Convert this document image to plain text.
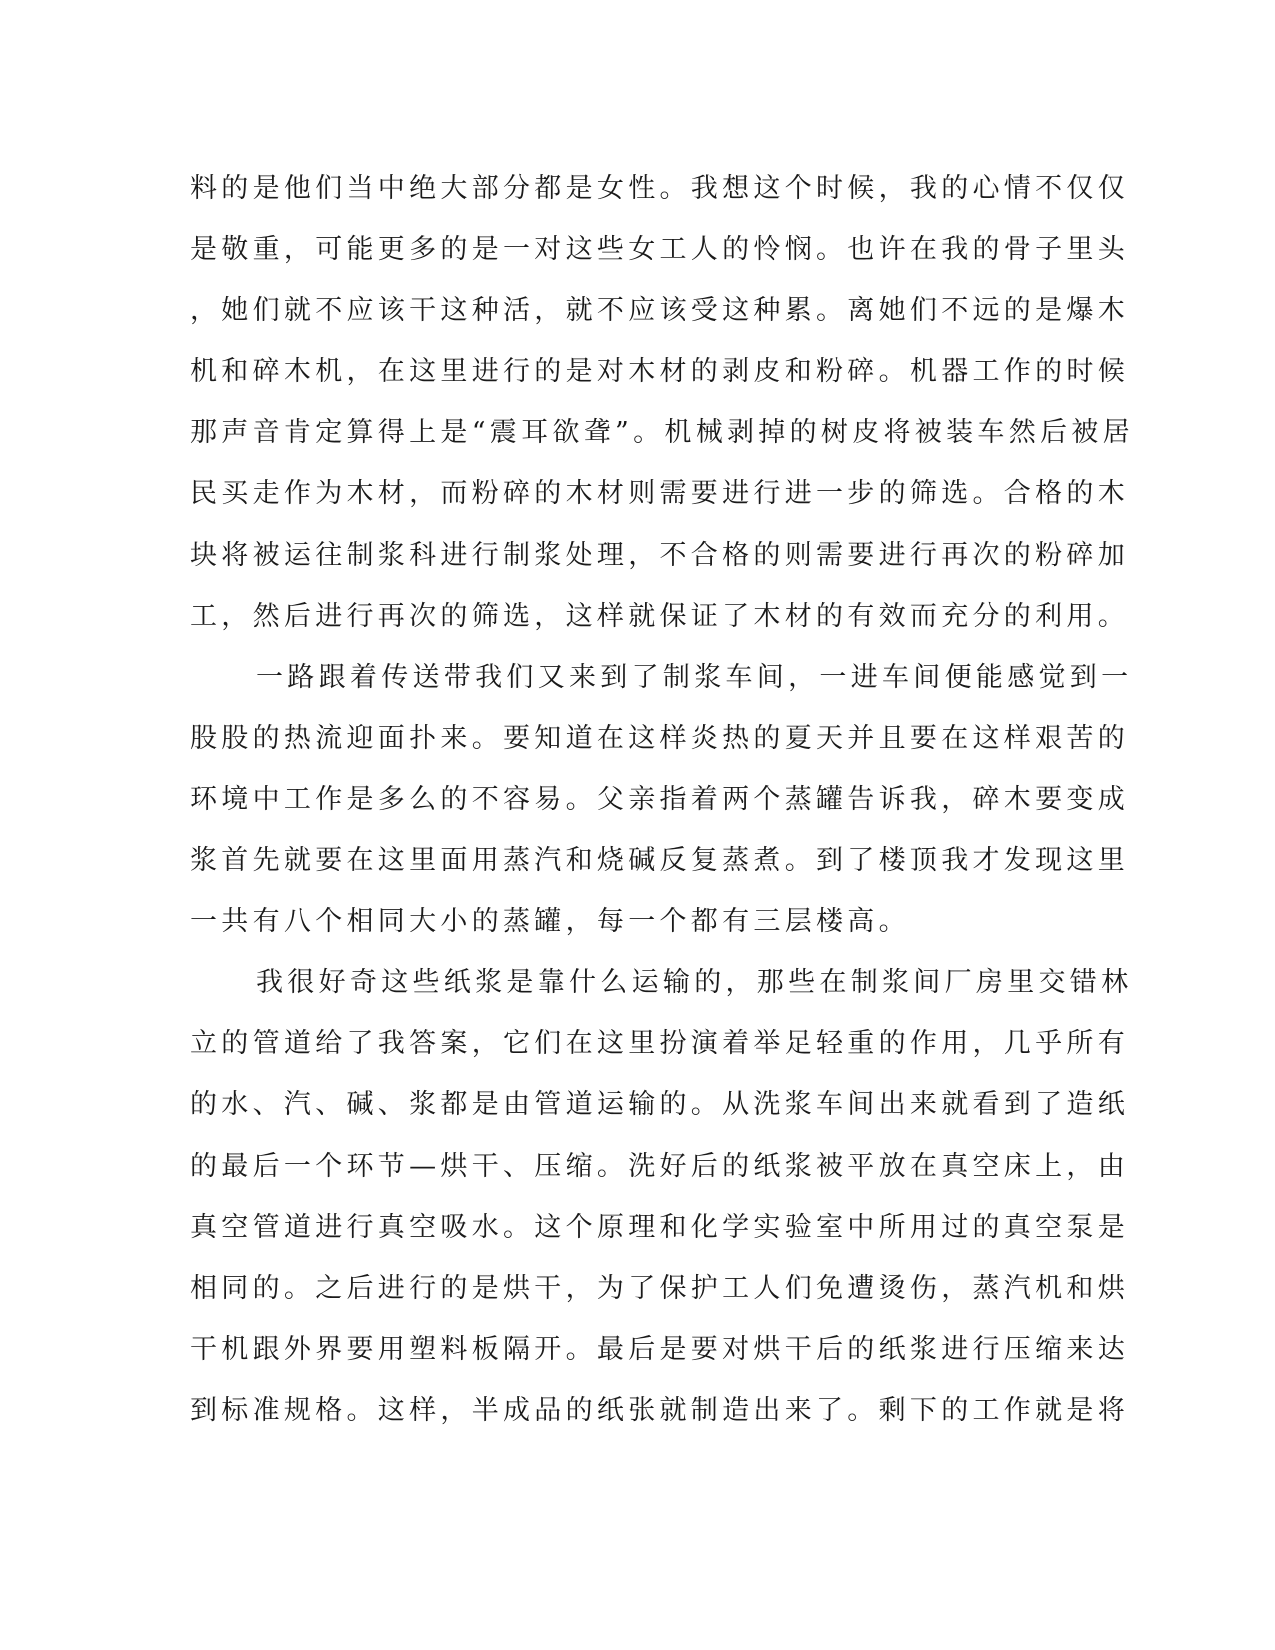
料的是他们当中绝大部分都是女性。我想这个时候，我的心情不仅仅
是敬重，可能更多的是一对这些女工人的怜悯。也许在我的骨子里头
，她们就不应该干这种活，就不应该受这种累。离她们不远的是爆木
机和碎木机，在这里进行的是对木材的剥皮和粉碎。机器工作的时候
那声音肯定算得上是“震耳欲聋”。机械剥掉的树皮将被装车然后被居
民买走作为木材，而粉碎的木材则需要进行进一步的筛选。合格的木
块将被运往制浆科进行制浆处理，不合格的则需要进行再次的粉碎加
工，然后进行再次的筛选，这样就保证了木材的有效而充分的利用。
一路跟着传送带我们又来到了制浆车间，一进车间便能感觉到一
股股的热流迎面扑来。要知道在这样炎热的夏天并且要在这样艰苦的
环境中工作是多么的不容易。父亲指着两个蒸罐告诉我，碎木要变成
浆首先就要在这里面用蒸汽和烧碱反复蒸煮。到了楼顶我才发现这里
一共有八个相同大小的蒸罐，每一个都有三层楼高。
我很好奇这些纸浆是靠什么运输的，那些在制浆间厂房里交错林
立的管道给了我答案，它们在这里扮演着举足轻重的作用，几乎所有
的水、汽、碱、浆都是由管道运输的。从洗浆车间出来就看到了造纸
的最后一个环节—烘干、压缩。洗好后的纸浆被平放在真空床上，由
真空管道进行真空吸水。这个原理和化学实验室中所用过的真空泵是
相同的。之后进行的是烘干，为了保护工人们免遭烫伤，蒸汽机和烘
干机跟外界要用塑料板隔开。最后是要对烘干后的纸浆进行压缩来达
到标准规格。这样，半成品的纸张就制造出来了。剩下的工作就是将
